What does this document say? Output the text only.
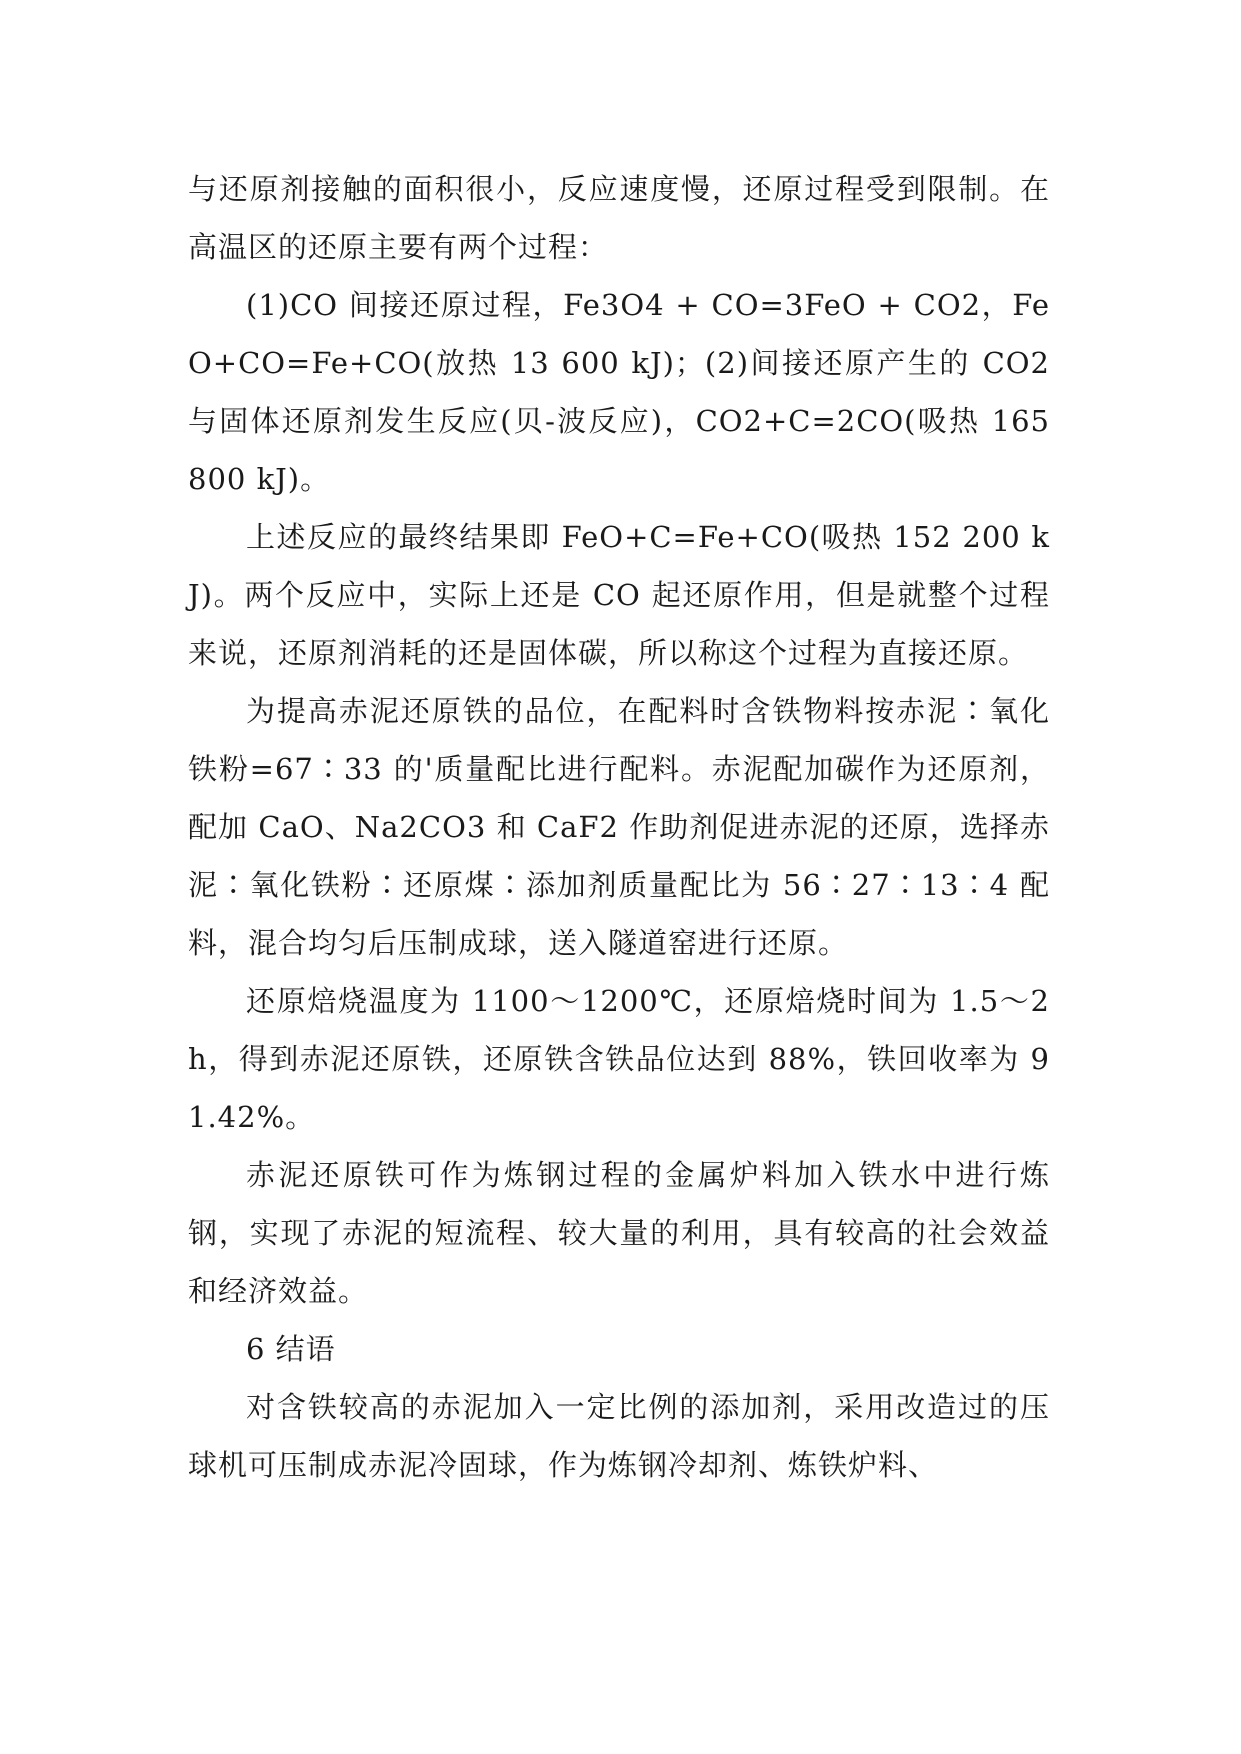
与还原剂接触的面积很小，反应速度慢，还原过程受到限制。在高温区的还原主要有两个过程：

(1)CO 间接还原过程，Fe3O4 + CO=3FeO + CO2，FeO+CO=Fe+CO(放热 13 600 kJ)；(2)间接还原产生的 CO2 与固体还原剂发生反应(贝-波反应)，CO2+C=2CO(吸热 165 800 kJ)。

上述反应的最终结果即 FeO+C=Fe+CO(吸热 152 200 kJ)。两个反应中，实际上还是 CO 起还原作用，但是就整个过程来说，还原剂消耗的还是固体碳，所以称这个过程为直接还原。

为提高赤泥还原铁的品位，在配料时含铁物料按赤泥∶氧化铁粉=67∶33 的'质量配比进行配料。赤泥配加碳作为还原剂，配加 CaO、Na2CO3 和 CaF2 作助剂促进赤泥的还原，选择赤泥∶氧化铁粉∶还原煤∶添加剂质量配比为 56∶27∶13∶4 配料，混合均匀后压制成球，送入隧道窑进行还原。

还原焙烧温度为 1100～1200℃，还原焙烧时间为 1.5～2h，得到赤泥还原铁，还原铁含铁品位达到 88%，铁回收率为 91.42%。

赤泥还原铁可作为炼钢过程的金属炉料加入铁水中进行炼钢，实现了赤泥的短流程、较大量的利用，具有较高的社会效益和经济效益。

6 结语

对含铁较高的赤泥加入一定比例的添加剂，采用改造过的压球机可压制成赤泥冷固球，作为炼钢冷却剂、炼铁炉料、
